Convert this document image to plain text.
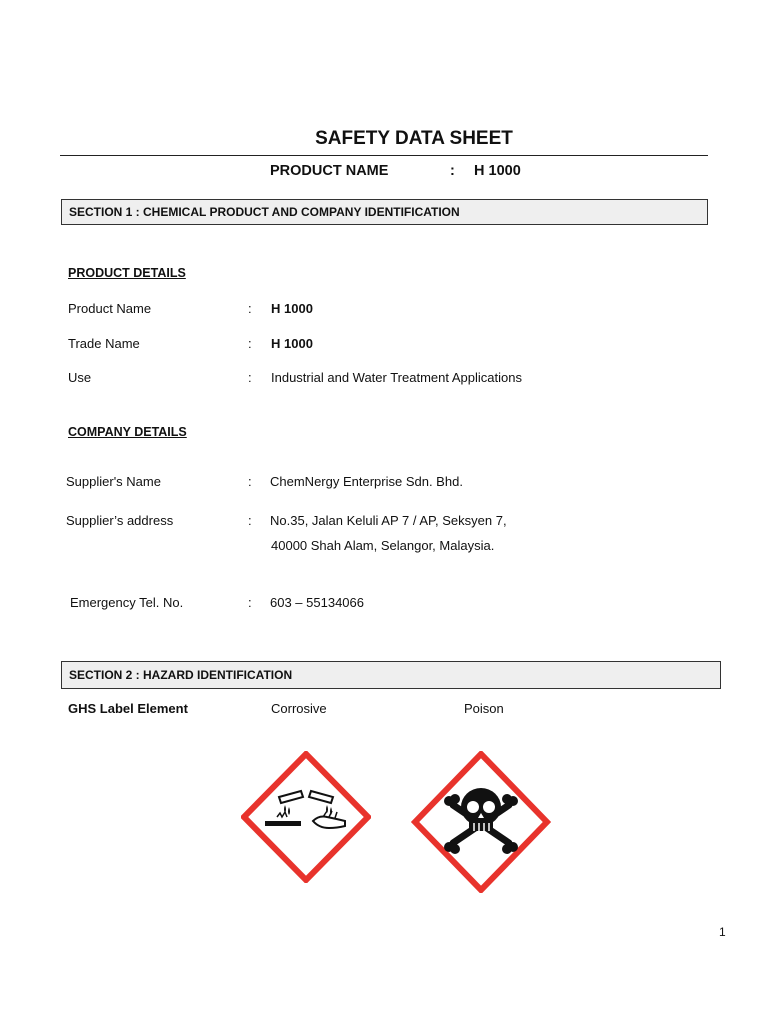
SAFETY DATA SHEET
PRODUCT NAME	: H 1000
SECTION 1 : CHEMICAL PRODUCT AND COMPANY IDENTIFICATION
PRODUCT DETAILS
Product Name	: H 1000
Trade Name	: H 1000
Use	: Industrial and Water Treatment Applications
COMPANY DETAILS
Supplier's Name	: ChemNergy Enterprise Sdn. Bhd.
Supplier’s address	: No.35, Jalan Keluli AP 7 / AP, Seksyen 7,
40000 Shah Alam, Selangor, Malaysia.
Emergency Tel. No.	: 603 – 55134066
SECTION 2 : HAZARD IDENTIFICATION
GHS Label Element	Corrosive	Poison
1
